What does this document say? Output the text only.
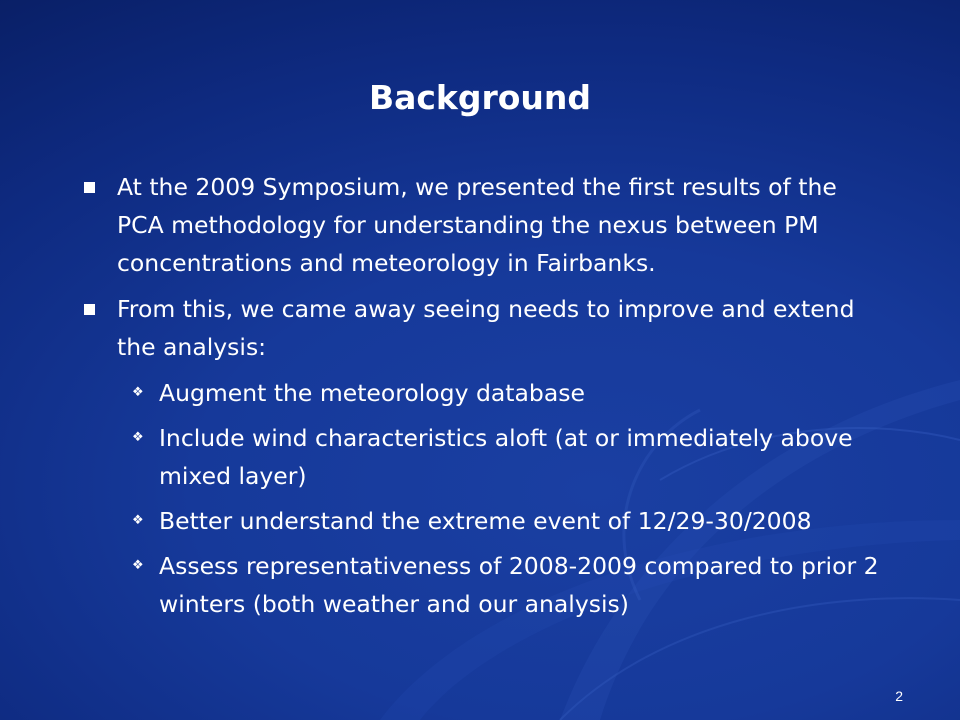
Background
At the 2009 Symposium, we presented the first results of the PCA methodology for understanding the nexus between PM concentrations and meteorology in Fairbanks.
From this, we came away seeing needs to improve and extend the analysis:
❖ Augment the meteorology database
❖ Include wind characteristics aloft (at or immediately above mixed layer)
❖ Better understand the extreme event of 12/29-30/2008
❖ Assess representativeness of 2008-2009 compared to prior 2 winters (both weather and our analysis)
2
